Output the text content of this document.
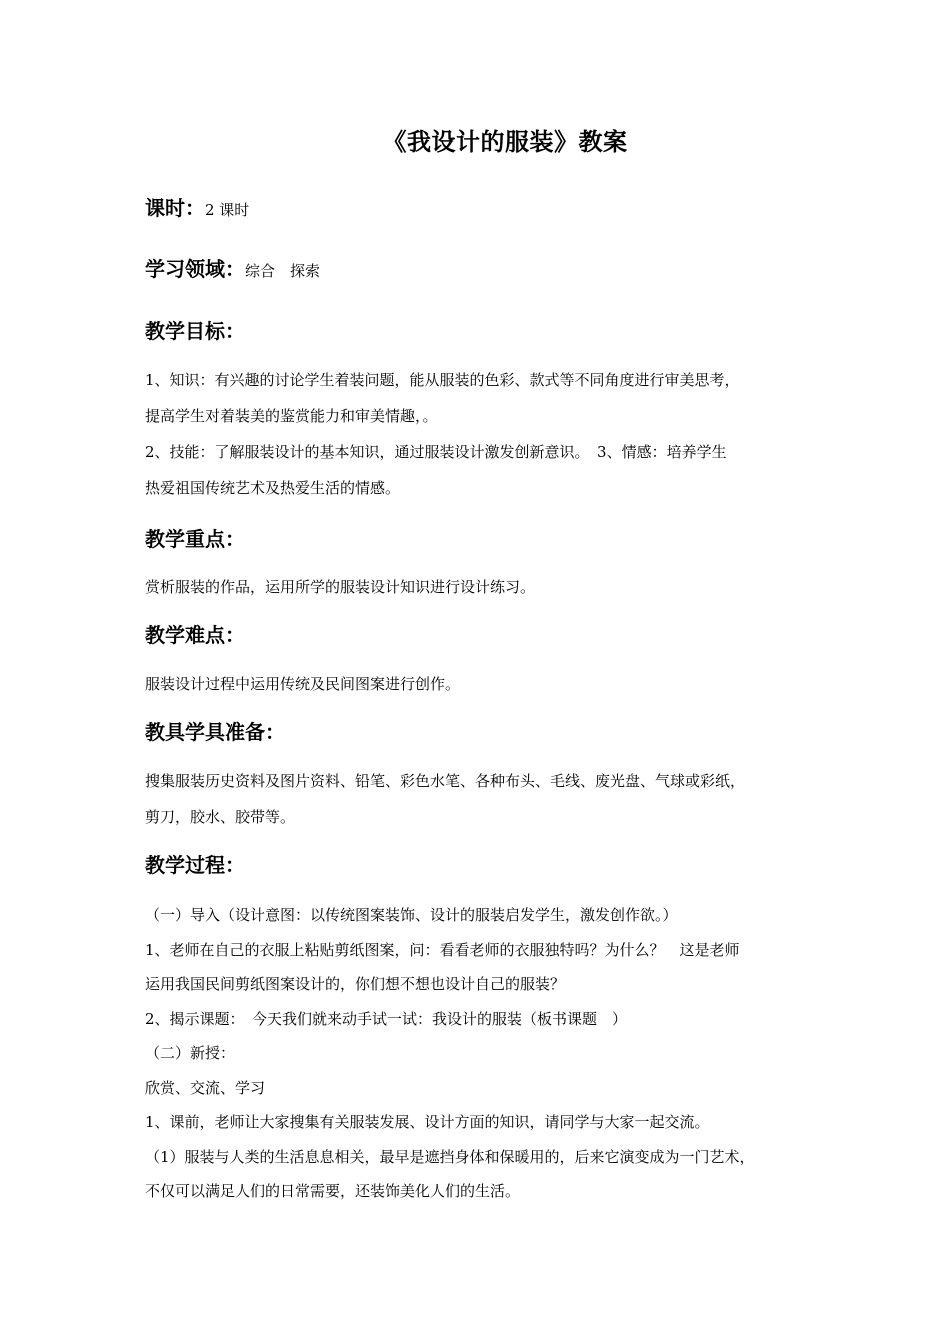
《我设计的服装》教案
课时：2 课时
学习领域：综合　探索
教学目标：
1、知识：有兴趣的讨论学生着装问题，能从服装的色彩、款式等不同角度进行审美思考，
提高学生对着装美的鉴赏能力和审美情趣，。
2、技能：了解服装设计的基本知识，通过服装设计激发创新意识。　3、情感：培养学生
热爱祖国传统艺术及热爱生活的情感。
教学重点：
赏析服装的作品，运用所学的服装设计知识进行设计练习。
教学难点：
服装设计过程中运用传统及民间图案进行创作。
教具学具准备：
搜集服装历史资料及图片资料、铅笔、彩色水笔、各种布头、毛线、废光盘、气球或彩纸，
剪刀，胶水、胶带等。
教学过程：
（一）导入（设计意图：以传统图案装饰、设计的服装启发学生，激发创作欲。）
1、老师在自己的衣服上粘贴剪纸图案，问：看看老师的衣服独特吗？为什么？　这是老师
运用我国民间剪纸图案设计的，你们想不想也设计自己的服装？
2、揭示课题：　今天我们就来动手试一试：我设计的服装（板书课题　）
（二）新授：
欣赏、交流、学习
1、课前，老师让大家搜集有关服装发展、设计方面的知识，请同学与大家一起交流。
（1）服装与人类的生活息息相关，最早是遮挡身体和保暖用的，后来它演变成为一门艺术，
不仅可以满足人们的日常需要，还装饰美化人们的生活。
